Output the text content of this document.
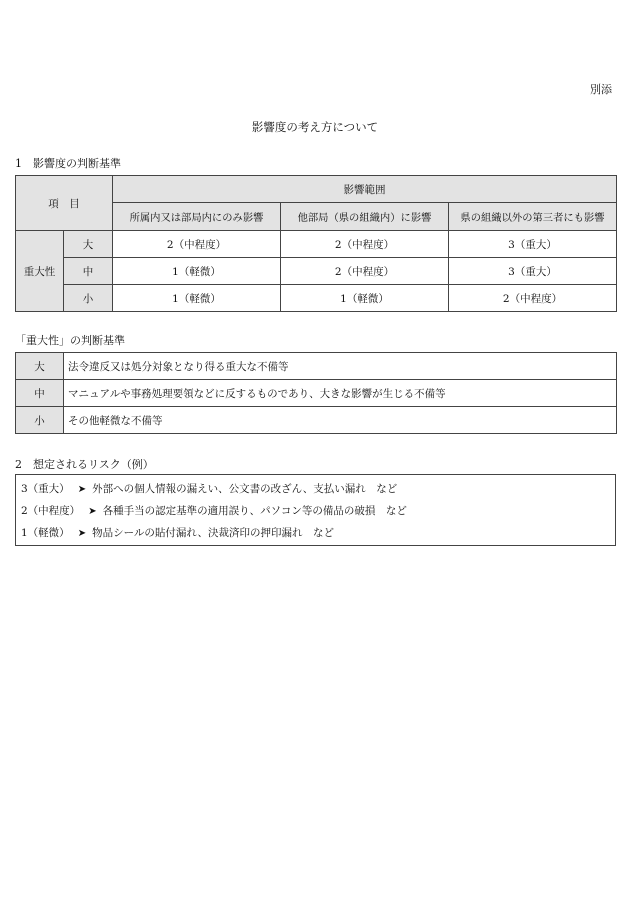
別添
影響度の考え方について
1　影響度の判断基準
項　目		影響範囲		
		所属内又は部局内にのみ影響	他部局（県の組織内）に影響	県の組織以外の第三者にも影響
重大性	大	2（中程度）	2（中程度）	3（重大）
	中	1（軽微）	2（中程度）	3（重大）
	小	1（軽微）	1（軽微）	2（中程度）
「重大性」の判断基準
大	法令違反又は処分対象となり得る重大な不備等
中	マニュアルや事務処理要領などに反するものであり、大きな影響が生じる不備等
小	その他軽微な不備等
2　想定されるリスク（例）
3（重大） ➤ 外部への個人情報の漏えい、公文書の改ざん、支払い漏れ　など
2（中程度） ➤ 各種手当の認定基準の適用誤り、パソコン等の備品の破損　など
1（軽微） ➤ 物品シールの貼付漏れ、決裁済印の押印漏れ　など
